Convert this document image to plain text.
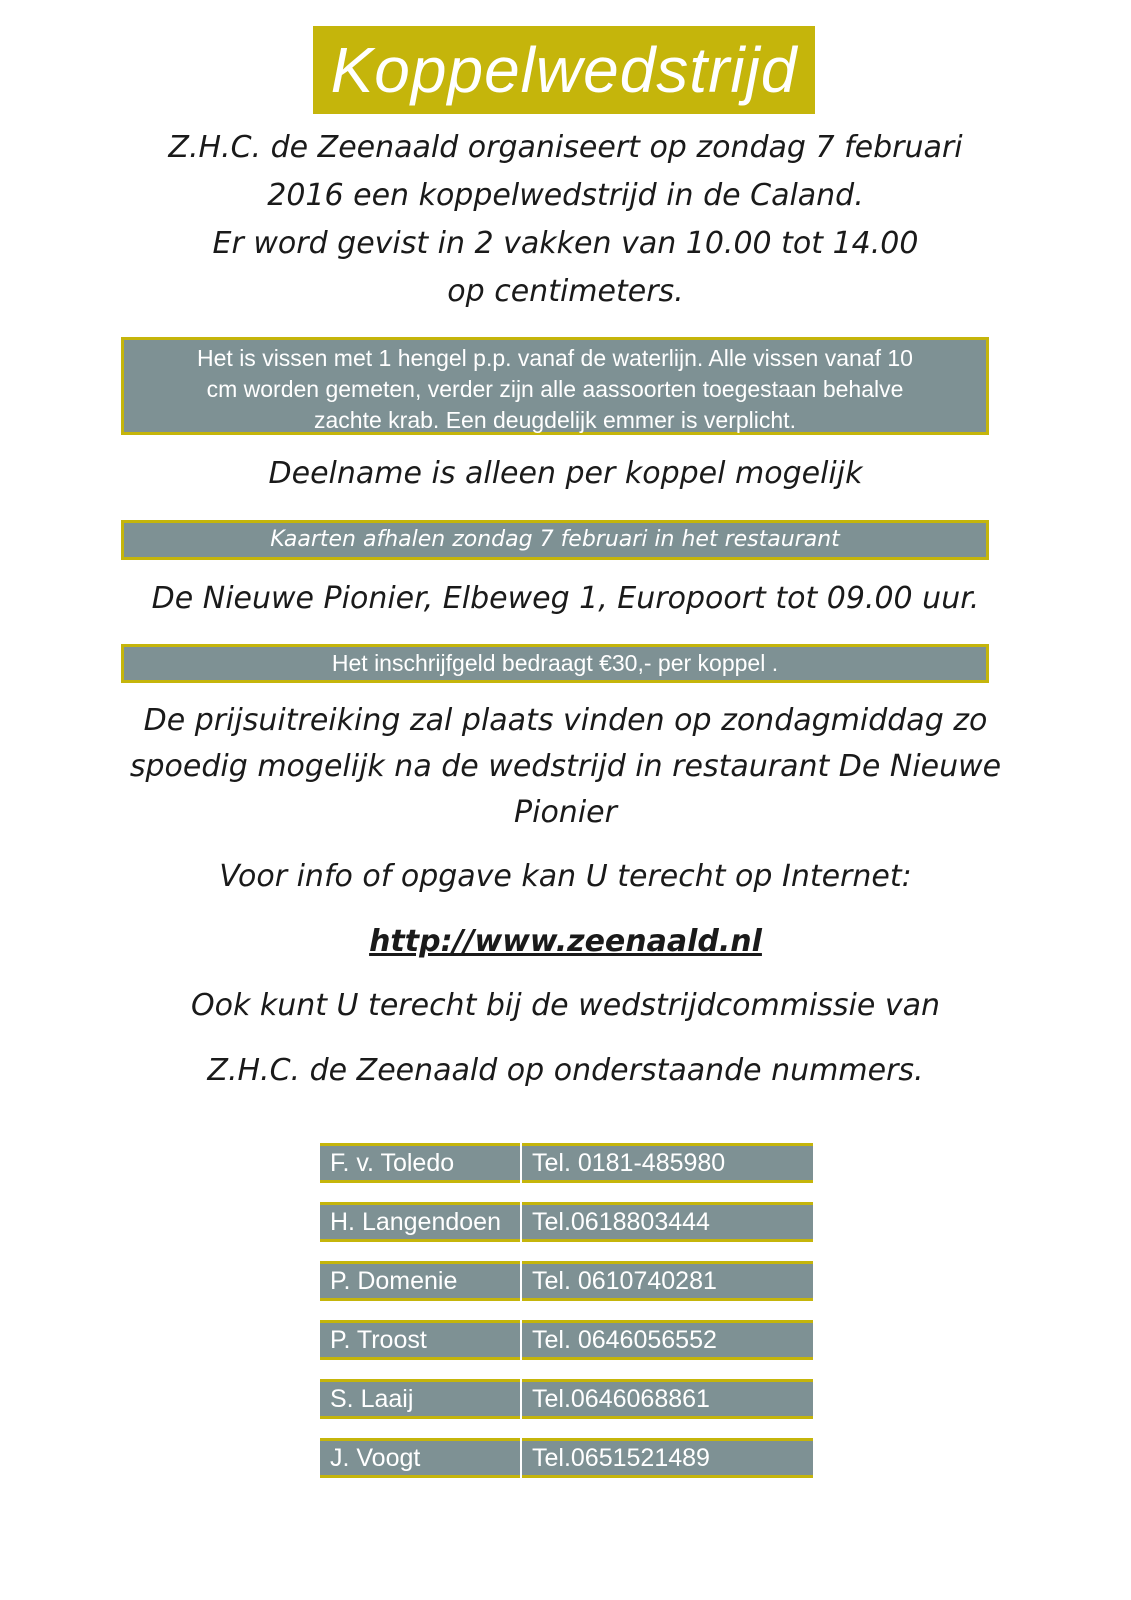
Koppelwedstrijd
Z.H.C. de Zeenaald organiseert op zondag 7 februari
2016 een koppelwedstrijd in de Caland.
Er word gevist in 2 vakken van 10.00 tot 14.00
op centimeters.
Het is vissen met 1 hengel p.p. vanaf de waterlijn. Alle vissen vanaf 10
cm worden gemeten, verder zijn alle aassoorten toegestaan behalve
zachte krab. Een deugdelijk emmer is verplicht.
Deelname is alleen per koppel mogelijk
Kaarten afhalen zondag 7 februari in het restaurant
De Nieuwe Pionier, Elbeweg 1, Europoort tot 09.00 uur.
Het inschrijfgeld bedraagt €30,- per koppel .
De prijsuitreiking zal plaats vinden op zondagmiddag zo
spoedig mogelijk na de wedstrijd in restaurant De Nieuwe
Pionier
Voor info of opgave kan U terecht op Internet:
http://www.zeenaald.nl
Ook kunt U terecht bij de wedstrijdcommissie van
Z.H.C. de Zeenaald op onderstaande nummers.
F. v. Toledo	Tel. 0181-485980
H. Langendoen	Tel.0618803444
P. Domenie	Tel. 0610740281
P. Troost	Tel. 0646056552
S. Laaij	Tel.0646068861
J. Voogt	Tel.0651521489
